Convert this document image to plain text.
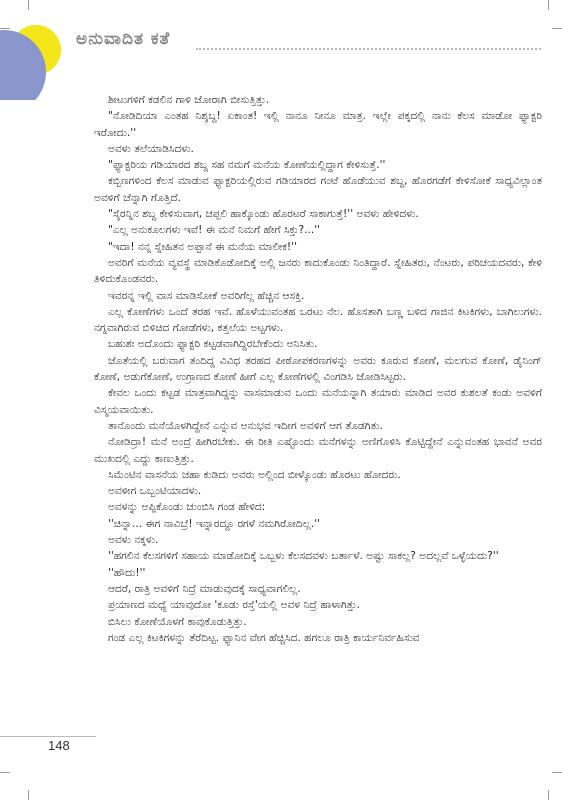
ಅನುವಾದಿತ ಕತೆ

ಶೀಟುಗಳಿಗೆ ಕಡಲಿನ ಗಾಳಿ ಜೋರಾಗಿ ಬೀಸುತ್ತಿತ್ತು.

"ನೋಡಿದಿಯಾ ಎಂತಹ ನಿಶ್ಶಬ್ದ! ಏಕಾಂತ! ಇಲ್ಲಿ ನಾನೂ ನೀನೂ ಮಾತ್ರ. ಇಲ್ಲೇ ಪಕ್ಕದಲ್ಲಿ ನಾನು ಕೆಲಸ ಮಾಡೋ ಫ್ಯಾಕ್ಟರಿ ಇರೋದು.''

ಅವಳು ತಲೆಯಾಡಿಸಿದಳು.

"ಫ್ಯಾಕ್ಟರಿಯ ಗಡಿಯಾರದ ಶಬ್ದ ಸಹ ನಮಗೆ ಮನೆಯ ಕೋಣೆಯಲ್ಲಿದ್ದಾಗ ಕೇಳಿಸುತ್ತೆ.''

ಕಬ್ಬಿಣಗಳಿಂದ ಕೆಲಸ ಮಾಡುವ ಫ್ಯಾಕ್ಟರಿಯಲ್ಲಿರುವ ಗಡಿಯಾರದ ಗಂಟೆ ಹೊಡೆಯುವ ಶಬ್ದ, ಹೊರಗಡೆಗೆ ಕೇಳಿಸೋಕೆ ಸಾಧ್ಯವಿಲ್ಲಾಂತ ಅವಳಿಗೆ ಚೆನ್ನಾಗಿ ಗೊತ್ತಿದೆ.

"ಸೈರನ್ನಿನ ಶಬ್ದ ಕೇಳಿಸುವಾಗ, ಚಪ್ಪಲಿ ಹಾಕ್ಕೊಂಡು ಹೊರಟರೆ ಸಾಕಾಗುತ್ತೆ!'' ಅವಳು ಹೇಳಿದಳು.

"ಎಲ್ಲ ಅನುಕೂಲಗಳು ಇವೆ! ಈ ಮನೆ ನಿಮಗೆ ಹೇಗೆ ಸಿಕ್ತು?...''

"ಇದಾ! ನನ್ನ ಸ್ನೇಹಿತನ ಅಪ್ಪಾನೆ ಈ ಮನೆಯ ಮಾಲೀಕ!''

ಅವರಿಗೆ ಮನೆಯ ವ್ಯವಸ್ಥೆ ಮಾಡಿಕೊಡೋದಿಕ್ಕೆ ಅಲ್ಲಿ ಜನರು ಕಾದುಕೊಂಡು ನಿಂತಿದ್ದಾರೆ. ಸ್ನೇಹಿತರು, ನೆಂಟರು, ಪರಿಚಯದವರು, ಕೇಳಿ ತಿಳಿದುಕೊಂಡವರು.

ಇವರನ್ನ ಇಲ್ಲಿ ವಾಸ ಮಾಡಿಸೋಕೆ ಅವರಿಗೆಲ್ಲ ಹೆಚ್ಚಿನ ಆಸಕ್ತಿ.

ಎಲ್ಲ ಕೋಣೆಗಳು ಒಂದೆ ತರಹ ಇವೆ. ಹೊಳೆಯುವಂತಹ ಒರಟು ನೆಲ. ಹೊಸತಾಗಿ ಬಣ್ಣ ಬಳಿದ ಗಾಜಿನ ಕಿಟಕಿಗಳು, ಬಾಗಿಲುಗಳು. ನಗ್ನವಾಗಿರುವ ಬಿಳಿಚಿದ ಗೋಡೆಗಳು, ಕತ್ತಲೆಯ ಅಟ್ಟಗಳು.

ಬಹುಶಃ ಅದೊಂದು ಫ್ಯಾಕ್ಟರಿ ಕಟ್ಟಡವಾಗಿದ್ದಿರಬೇಕೆಂದು ಅನಿಸಿತು.

ಜೊತೆಯಲ್ಲಿ ಬರುವಾಗ ತಂದಿದ್ದ ವಿವಿಧ ತರಹದ ಪೀಠೋಪಕರಣಗಳನ್ನು ಅವರು ಕೂರುವ ಕೋಣೆ, ಮಲಗುವ ಕೋಣೆ, ಡೈನಿಂಗ್ ಕೋಣೆ, ಅಡುಗೆಕೋಣೆ, ಉಗ್ರಾಣದ ಕೋಣೆ ಹೀಗೆ ಎಲ್ಲ ಕೋಣೆಗಳಲ್ಲಿ ವಿಂಗಡಿಸಿ ಜೋಡಿಸಿಟ್ಟರು.

ಕೇವಲ ಒಂದು ಕಟ್ಟಡ ಮಾತ್ರವಾಗಿದ್ದನ್ನು ವಾಸಮಾಡುವ ಒಂದು ಮನೆಯನ್ನಾಗಿ ತಯಾರು ಮಾಡಿದ ಅವರ ಕುಶಲತೆ ಕಂಡು ಅವಳಿಗೆ ವಿಸ್ಮಯವಾಯಿತು.

ತಾನೊಂದು ಮನೆಯೊಳಗಿದ್ದೇನೆ ಎನ್ನುವ ಅನುಭವ ಇದೀಗ ಅವಳಿಗೆ ಆಗ ತೊಡಗಿತು.

ನೋಡಿದ್ರಾ! ಮನೆ ಅಂದ್ರೆ ಹೀಗಿರಬೇಕು. ಈ ರೀತಿ ಎಷ್ಟೊಂದು ಮನೆಗಳನ್ನು ಅಣಿಗೊಳಿಸಿ ಕೊಟ್ಟಿದ್ದೇನೆ ಎನ್ನುವಂತಹ ಭಾವನೆ ಅವರ ಮುಖದಲ್ಲಿ ಎದ್ದು ಕಾಣುತ್ತಿತ್ತು.

ಸಿಮೆಂಟಿನ ವಾಸನೆಯ ಚಹಾ ಕುಡಿದು ಅವರು ಅಲ್ಲಿಂದ ಬೀಳ್ಕೊಂಡು ಹೊರಟು ಹೋದರು.

ಅವಳೀಗ ಒಬ್ಬಂಟಿಯಾದಳು.

ಅವಳನ್ನು ಅಪ್ಪಿಕೊಂಡು ಚುಂಬಿಸಿ ಗಂಡ ಹೇಳಿದ:

''ಚಿನ್ನಾ... ಈಗ ನಾವಿಬ್ರೆ! ಇನ್ನಾರದ್ದೂ ರಗಳೆ ನಮಗಿರೋದಿಲ್ಲ.''

ಅವಳು ನಕ್ಕಳು.

''ಹಗಲಿನ ಕೆಲಸಗಳಿಗೆ ಸಹಾಯ ಮಾಡೋದಿಕ್ಕೆ ಒಬ್ಬಳು ಕೆಲಸದವಳು ಬರ್ತಾಳೆ. ಅಷ್ಟು ಸಾಕಲ್ಲ? ಅದಲ್ಲವೆ ಒಳ್ಳೆಯದು?''

''ಹೌದು!''

ಆದರೆ, ರಾತ್ರಿ ಅವಳಿಗೆ ನಿದ್ರೆ ಮಾಡುವುದಕ್ಕೆ ಸಾಧ್ಯವಾಗಲಿಲ್ಲ.

ಪ್ರಯಾಣದ ಮಧ್ಯೆ ಯಾವುದೋ 'ಕೂಡು ರಸ್ತೆ'ಯಲ್ಲಿ ಅವಳ ನಿದ್ರೆ ಹಾಳಾಗಿತ್ತು.

ಬಿಸಿಲು ಕೋಣೆಯೊಳಗೆ ಕಾವುಕೊಡುತ್ತಿತ್ತು.

ಗಂಡ ಎಲ್ಲ ಕಿಟಕಿಗಳನ್ನು ತೆರೆದಿಟ್ಟ. ಫ್ಯಾನಿನ ವೇಗ ಹೆಚ್ಚಿಸಿದ. ಹಗಲೂ ರಾತ್ರಿ ಕಾರ್ಯನಿರ್ವಹಿಸುವ

148
